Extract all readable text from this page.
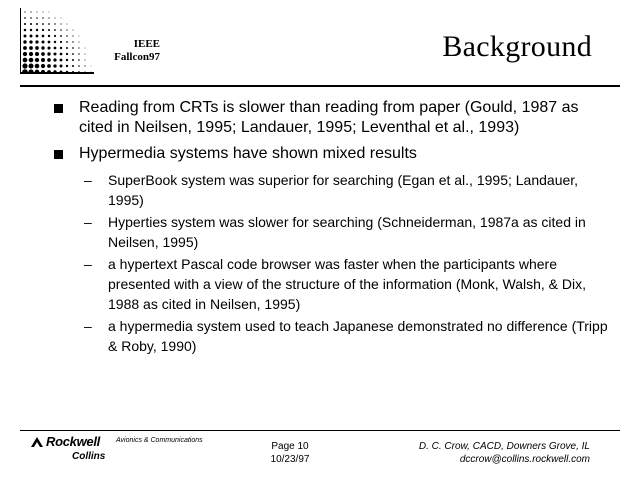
IEEE
Fallcon97	Background
Reading from CRTs is slower than reading from paper (Gould, 1987 as cited in Neilsen, 1995; Landauer, 1995; Leventhal et al., 1993)
Hypermedia systems have shown mixed results
– SuperBook system was superior for searching (Egan et al., 1995; Landauer, 1995)
– Hyperties system was slower for searching (Schneiderman, 1987a as cited in Neilsen, 1995)
– a hypertext Pascal code browser was faster when the participants where presented with a view of the structure of the information (Monk, Walsh, & Dix, 1988 as cited in Neilsen, 1995)
– a hypermedia system used to teach Japanese demonstrated no difference (Tripp & Roby, 1990)
Rockwell Avionics & Communications
Collins
Page 10
10/23/97
D. C. Crow, CACD, Downers Grove, IL
dccrow@collins.rockwell.com
